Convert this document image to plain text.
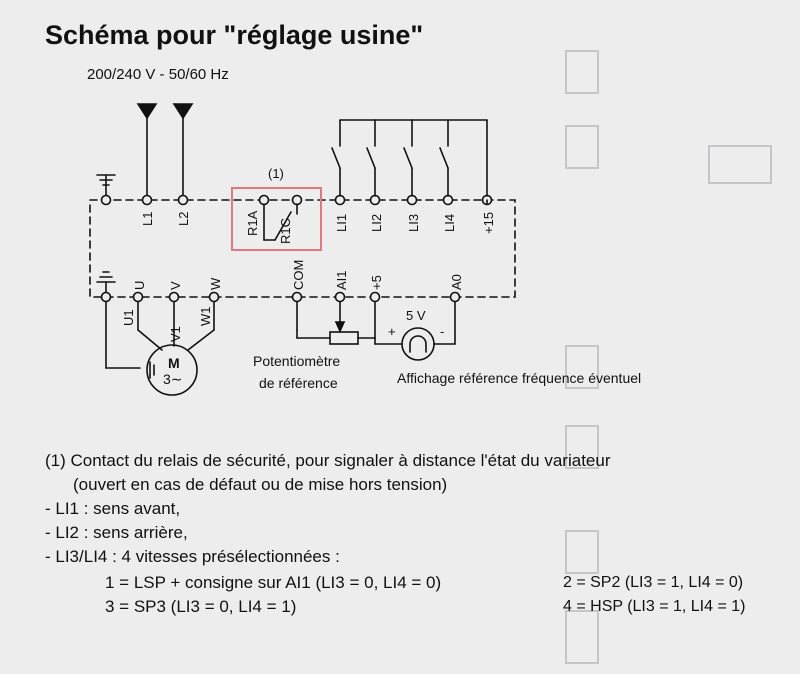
Schéma pour "réglage usine"
200/240 V - 50/60 Hz
L1 L2	R1A R1C	LI1 LI2 LI3 LI4 +15
U V W	COM AI1 +5	A0
U1
V1
W1
(1)
5 V
+	-
M
3∼
Potentiomètre
de référence	Affichage référence fréquence éventuel
(1) Contact du relais de sécurité, pour signaler à distance l'état du variateur
(ouvert en cas de défaut ou de mise hors tension)
- LI1 : sens avant,
- LI2 : sens arrière,
- LI3/LI4 : 4 vitesses présélectionnées :
1 = LSP + consigne sur AI1 (LI3 = 0, LI4 = 0)	2 = SP2 (LI3 = 1, LI4 = 0)
3 = SP3 (LI3 = 0, LI4 = 1)	4 = HSP (LI3 = 1, LI4 = 1)
